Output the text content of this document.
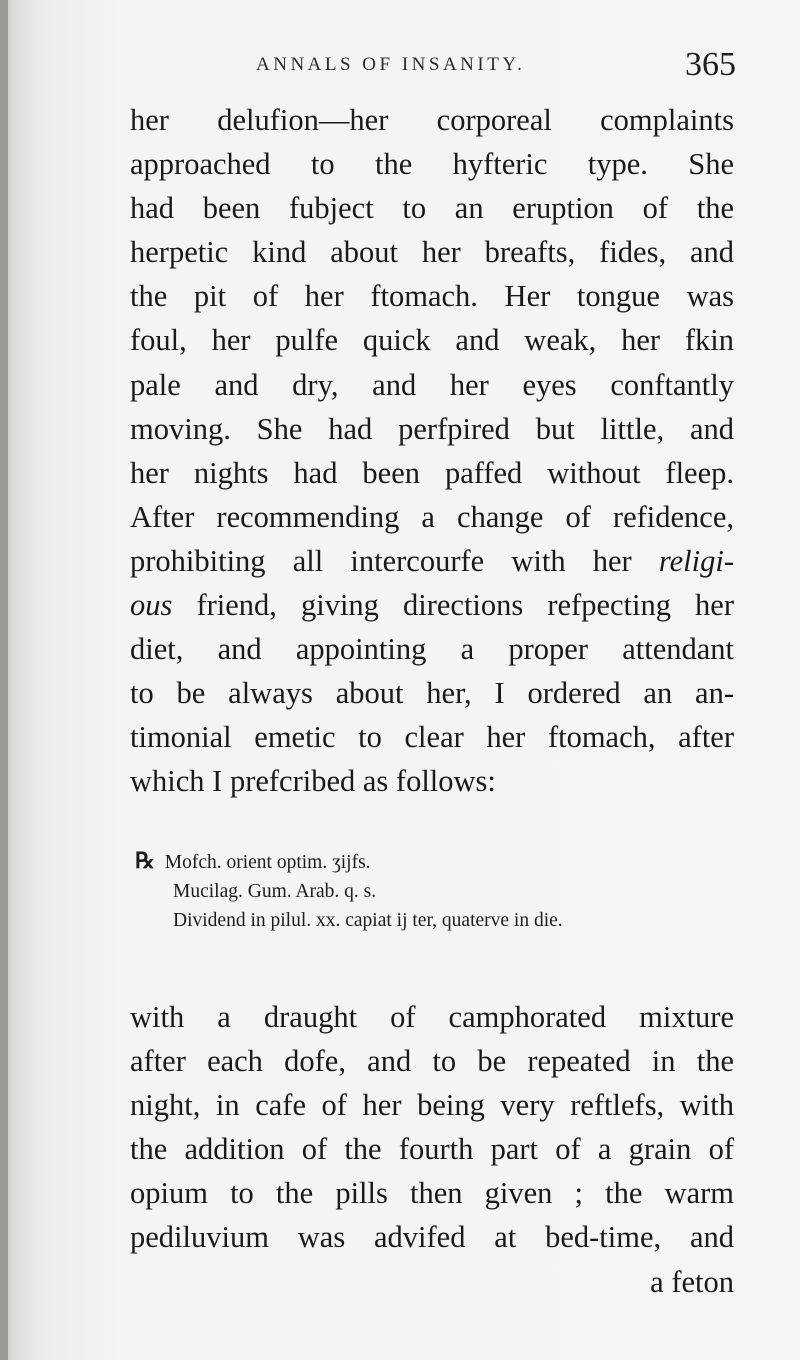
ANNALS OF INSANITY.	365
her delufion—her corporeal complaints
approached to the hyfteric type. She
had been fubject to an eruption of the
herpetic kind about her breafts, fides, and
the pit of her ftomach. Her tongue was
foul, her pulfe quick and weak, her fkin
pale and dry, and her eyes conftantly
moving. She had perfpired but little, and
her nights had been paffed without fleep.
After recommending a change of refidence,
prohibiting all intercourfe with her religi-
ous friend, giving directions refpecting her
diet, and appointing a proper attendant
to be always about her, I ordered an an-
timonial emetic to clear her ftomach, after
which I prefcribed as follows:
℞ Mofch. orient optim. ʒijfs.
Mucilag. Gum. Arab. q. s.
Dividend in pilul. xx. capiat ij ter, quaterve in die.
with a draught of camphorated mixture
after each dofe, and to be repeated in the
night, in cafe of her being very reftlefs, with
the addition of the fourth part of a grain of
opium to the pills then given ; the warm
pediluvium was advifed at bed-time, and
a feton
